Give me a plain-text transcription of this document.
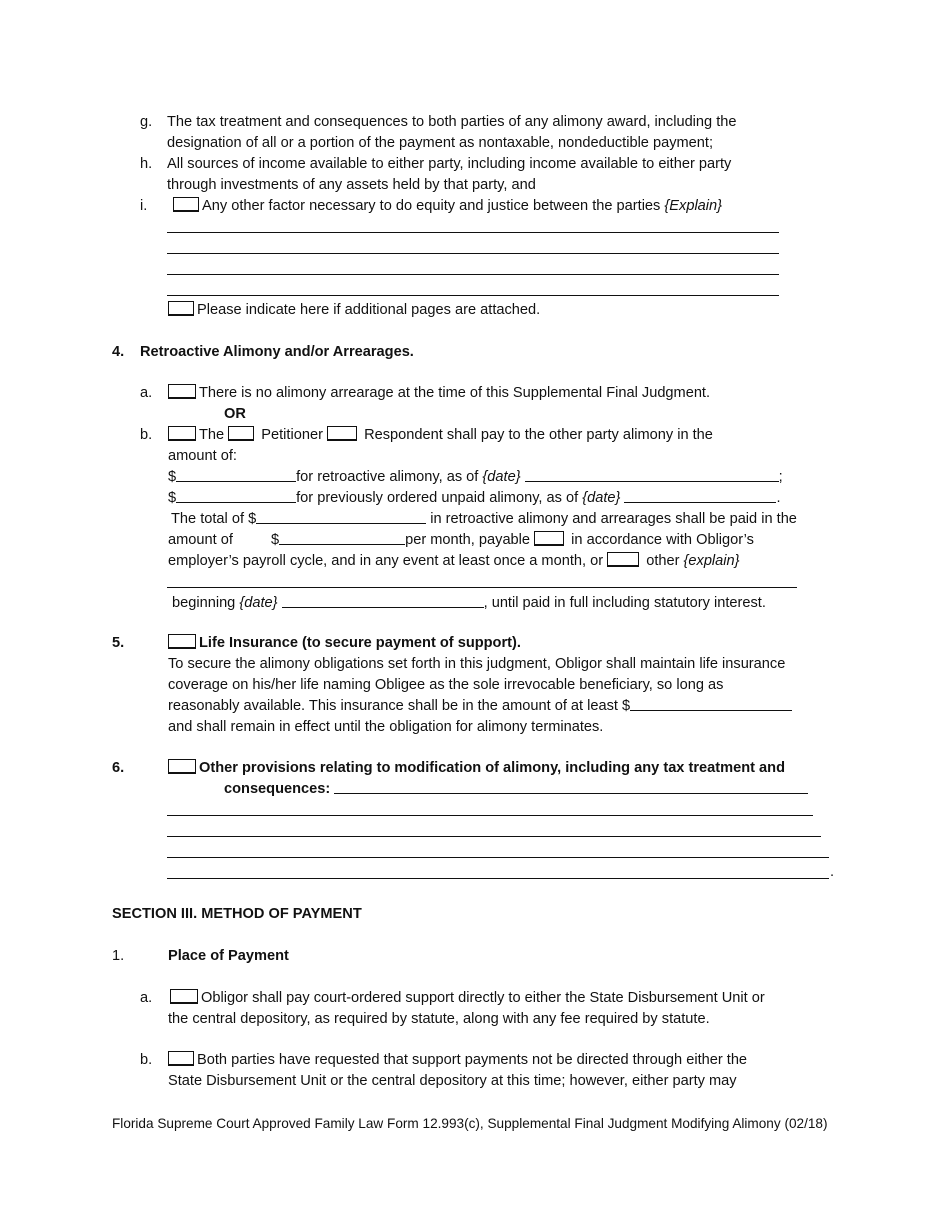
g. The tax treatment and consequences to both parties of any alimony award, including the
designation of all or a portion of the payment as nontaxable, nondeductible payment;
h. All sources of income available to either party, including income available to either party
through investments of any assets held by that party, and
i.	Any other factor necessary to do equity and justice between the parties {Explain}
Please indicate here if additional pages are attached.
4. Retroactive Alimony and/or Arrearages.
a.	There is no alimony arrearage at the time of this Supplemental Final Judgment.
OR
b.	The	Petitioner	Respondent shall pay to the other party alimony in the
amount of:
$	for retroactive alimony, as of {date}	;
$	for previously ordered unpaid alimony, as of {date}	.
The total of $	in retroactive alimony and arrearages shall be paid in the
amount of	$	per month, payable	in accordance with Obligor’s
employer’s payroll cycle, and in any event at least once a month, or	other {explain}
beginning {date}	, until paid in full including statutory interest.
5.	Life Insurance (to secure payment of support).
To secure the alimony obligations set forth in this judgment, Obligor shall maintain life insurance
coverage on his/her life naming Obligee as the sole irrevocable beneficiary, so long as
reasonably available. This insurance shall be in the amount of at least $
and shall remain in effect until the obligation for alimony terminates.
6.	Other provisions relating to modification of alimony, including any tax treatment and
consequences:
.
SECTION III. METHOD OF PAYMENT
1.	Place of Payment
a.	Obligor shall pay court-ordered support directly to either the State Disbursement Unit or
the central depository, as required by statute, along with any fee required by statute.
b.	Both parties have requested that support payments not be directed through either the
State Disbursement Unit or the central depository at this time; however, either party may
Florida Supreme Court Approved Family Law Form 12.993(c), Supplemental Final Judgment Modifying Alimony (02/18)
